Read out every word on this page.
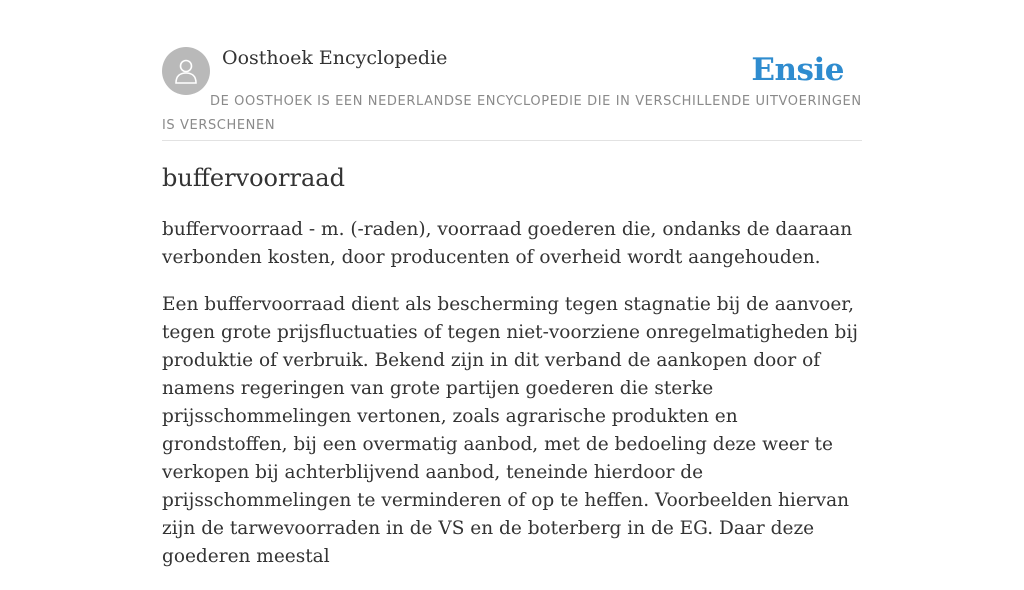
Oosthoek Encyclopedie	Ensie
DE OOSTHOEK IS EEN NEDERLANDSE ENCYCLOPEDIE DIE IN VERSCHILLENDE UITVOERINGEN IS VERSCHENEN
buffervoorraad

buffervoorraad - m. (-raden), voorraad goederen die, ondanks de daaraan verbonden kosten, door producenten of overheid wordt aangehouden.

Een buffervoorraad dient als bescherming tegen stagnatie bij de aanvoer, tegen grote prijsfluctuaties of tegen niet-voorziene onregelmatigheden bij produktie of verbruik. Bekend zijn in dit verband de aankopen door of namens regeringen van grote partijen goederen die sterke prijsschommelingen vertonen, zoals agrarische produkten en grondstoffen, bij een overmatig aanbod, met de bedoeling deze weer te verkopen bij achterblijvend aanbod, teneinde hierdoor de prijsschommelingen te verminderen of op te heffen. Voorbeelden hiervan zijn de tarwevoorraden in de VS en de boterberg in de EG. Daar deze goederen meestal
